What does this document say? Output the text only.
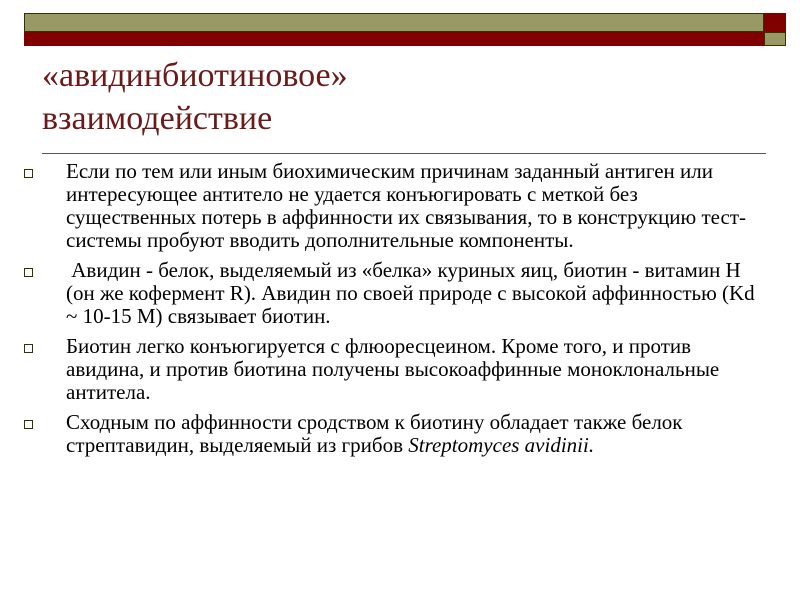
«авидинбиотиновое»
взаимодействие
Если по тем или иным биохимическим причинам заданный антиген или интересующее антитело не удается конъюгировать с меткой без существенных потерь в аффинности их связывания, то в конструкцию тест-системы пробуют вводить дополнительные компоненты.
Авидин - белок, выделяемый из «белка» куриных яиц, биотин - витамин Н (он же кофермент R). Авидин по своей природе с высокой аффинностью (Kd ~ 10-15 М) связывает биотин.
Биотин легко конъюгируется с флюоресцеином. Кроме того, и против авидина, и против биотина получены высокоаффинные моноклональные антитела.
Сходным по аффинности сродством к биотину обладает также белок стрептавидин, выделяемый из грибов Streptomyces avidinii.
